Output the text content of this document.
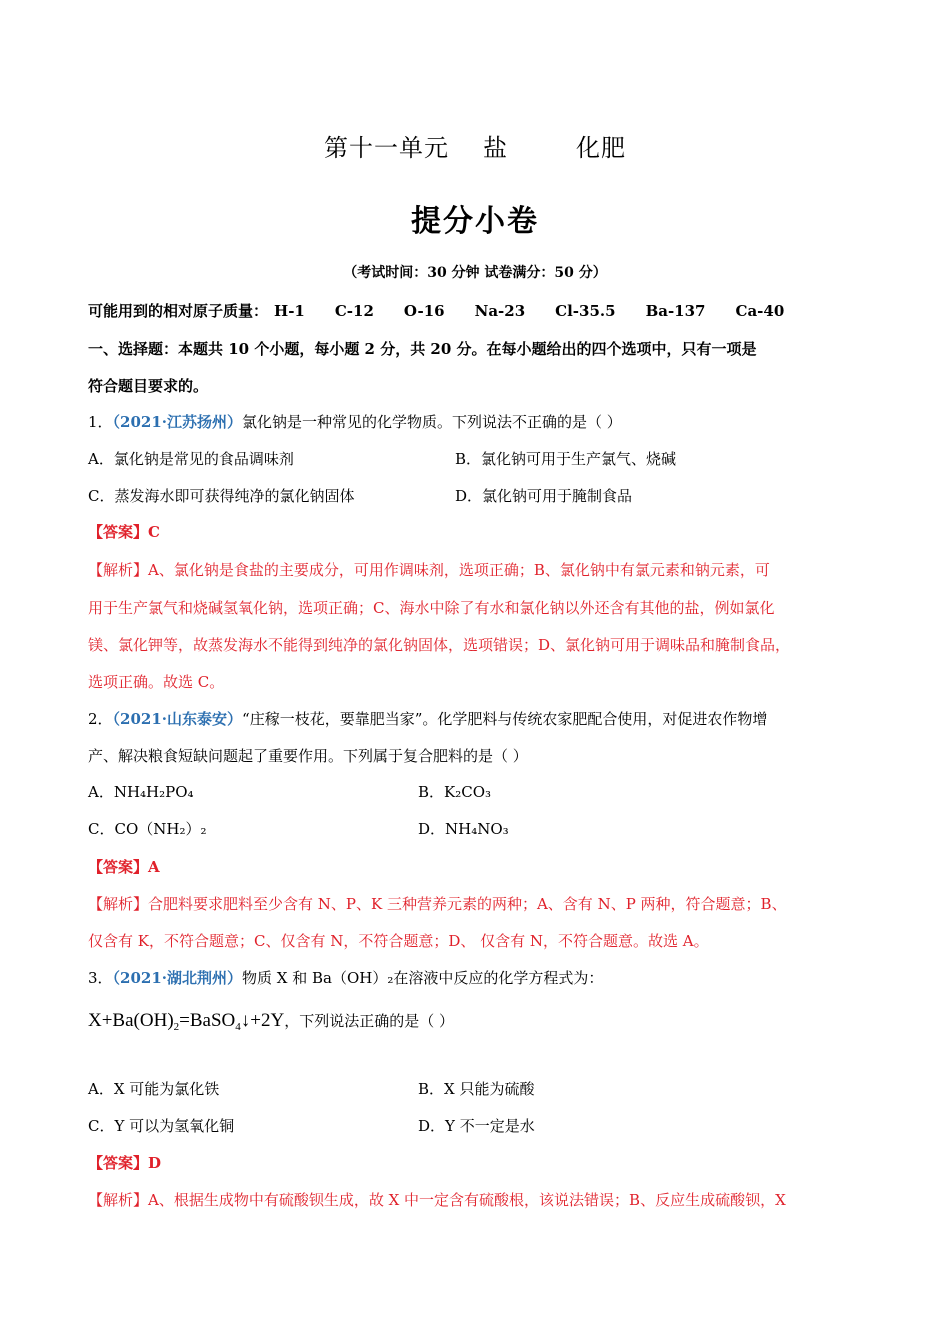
第十一单元 盐	化肥
提分小卷
（考试时间：30 分钟 试卷满分：50 分）
可能用到的相对原子质量： H-1 C-12 O-16 Na-23 Cl-35.5 Ba-137 Ca-40
一、选择题：本题共 10 个小题，每小题 2 分，共 20 分。在每小题给出的四个选项中，只有一项是
符合题目要求的。
1．（2021·江苏扬州）氯化钠是一种常见的化学物质。下列说法不正确的是（ ）
A．氯化钠是常见的食品调味剂	B．氯化钠可用于生产氯气、烧碱
C．蒸发海水即可获得纯净的氯化钠固体	D．氯化钠可用于腌制食品
【答案】C
【解析】A、氯化钠是食盐的主要成分，可用作调味剂，选项正确；B、氯化钠中有氯元素和钠元素，可
用于生产氯气和烧碱氢氧化钠，选项正确；C、海水中除了有水和氯化钠以外还含有其他的盐，例如氯化
镁、氯化钾等，故蒸发海水不能得到纯净的氯化钠固体，选项错误；D、氯化钠可用于调味品和腌制食品，
选项正确。故选 C。
2．（2021·山东泰安）“庄稼一枝花，要靠肥当家”。化学肥料与传统农家肥配合使用，对促进农作物增
产、解决粮食短缺问题起了重要作用。下列属于复合肥料的是（ ）
A．NH₄H₂PO₄	B．K₂CO₃
C．CO（NH₂）₂	D．NH₄NO₃
【答案】A
【解析】合肥料要求肥料至少含有 N、P、K 三种营养元素的两种；A、含有 N、P 两种，符合题意；B、
仅含有 K，不符合题意；C、仅含有 N，不符合题意；D、 仅含有 N，不符合题意。故选 A。
3．（2021·湖北荆州）物质 X 和 Ba（OH）₂在溶液中反应的化学方程式为：
$X+Ba(OH)_2=BaSO_4↓+2Y$，下列说法正确的是（ ）
A．X 可能为氯化铁	B．X 只能为硫酸
C．Y 可以为氢氧化铜	D．Y 不一定是水
【答案】D
【解析】A、根据生成物中有硫酸钡生成，故 X 中一定含有硫酸根，该说法错误；B、反应生成硫酸钡，X
